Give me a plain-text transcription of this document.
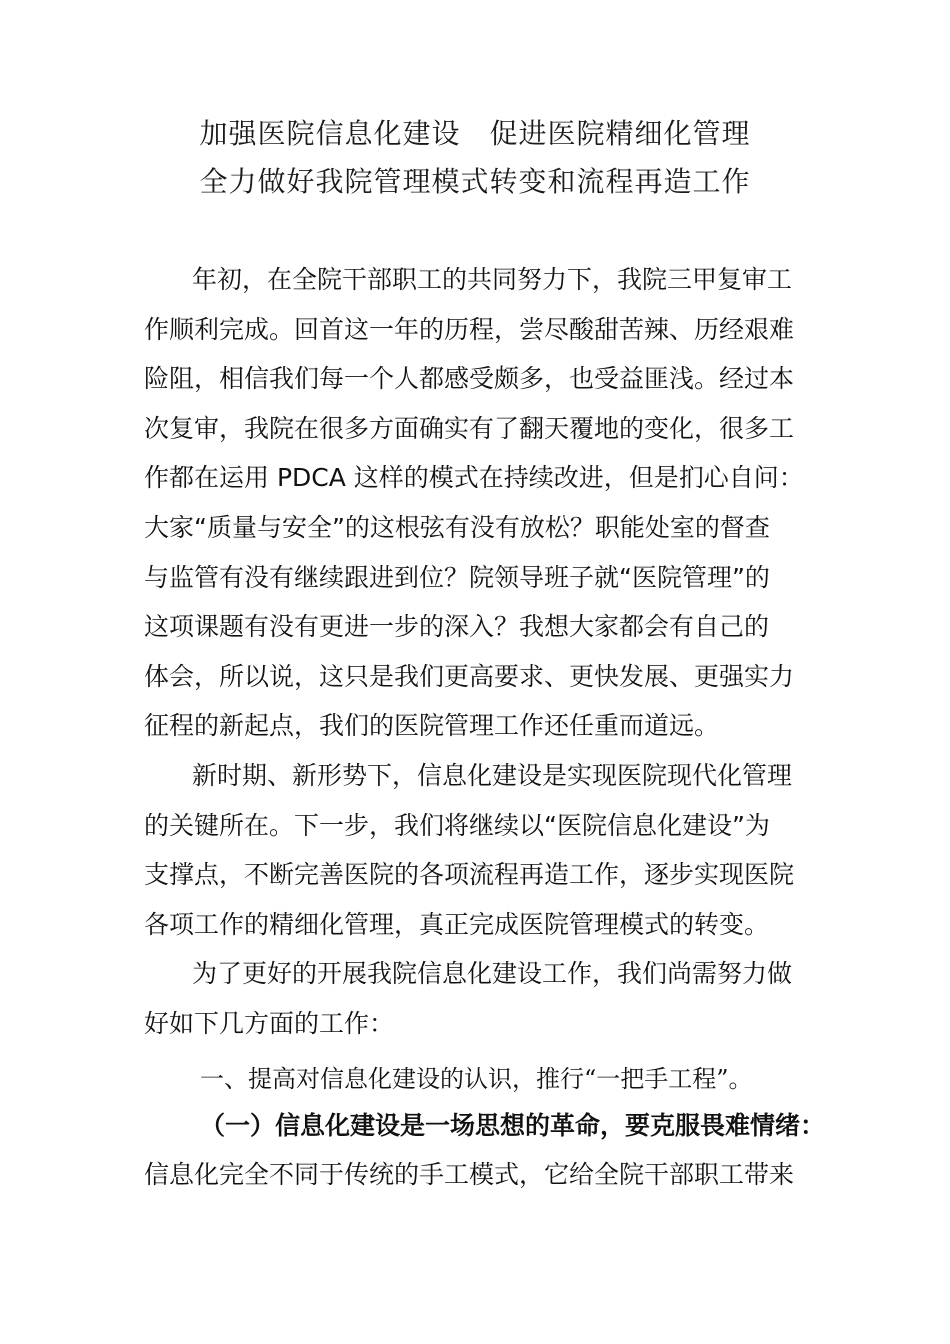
加强医院信息化建设　促进医院精细化管理
全力做好我院管理模式转变和流程再造工作
年初，在全院干部职工的共同努力下，我院三甲复审工
作顺利完成。回首这一年的历程，尝尽酸甜苦辣、历经艰难
险阻，相信我们每一个人都感受颇多，也受益匪浅。经过本
次复审，我院在很多方面确实有了翻天覆地的变化，很多工
作都在运用 PDCA 这样的模式在持续改进，但是扪心自问：
大家“质量与安全”的这根弦有没有放松？职能处室的督查
与监管有没有继续跟进到位？院领导班子就“医院管理”的
这项课题有没有更进一步的深入？我想大家都会有自己的
体会，所以说，这只是我们更高要求、更快发展、更强实力
征程的新起点，我们的医院管理工作还任重而道远。
新时期、新形势下，信息化建设是实现医院现代化管理
的关键所在。下一步，我们将继续以“医院信息化建设”为
支撑点，不断完善医院的各项流程再造工作，逐步实现医院
各项工作的精细化管理，真正完成医院管理模式的转变。
为了更好的开展我院信息化建设工作，我们尚需努力做
好如下几方面的工作：
一、提高对信息化建设的认识，推行“一把手工程”。
（一）信息化建设是一场思想的革命，要克服畏难情绪：
信息化完全不同于传统的手工模式，它给全院干部职工带来
